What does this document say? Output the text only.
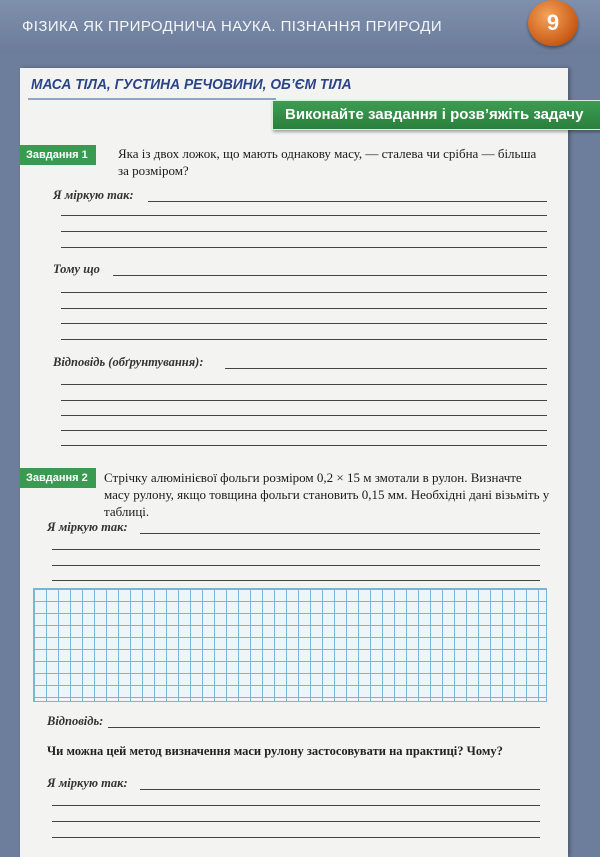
ФІЗИКА ЯК ПРИРОДНИЧА НАУКА. ПІЗНАННЯ ПРИРОДИ	9
МАСА ТІЛА, ГУСТИНА РЕЧОВИНИ, ОБ’ЄМ ТІЛА
Виконайте завдання і розв’яжіть задачу
Завдання 1	Яка із двох ложок, що мають однакову масу, — сталева чи срібна — більша за розміром?
Я міркую так:
Тому що
Відповідь (обґрунтування):
Завдання 2	Стрічку алюмінієвої фольги розміром 0,2 × 15 м змотали в рулон. Визначте масу рулону, якщо товщина фольги становить 0,15 мм. Необхідні дані візьміть у таблиці.
Я міркую так:
Відповідь:
Чи можна цей метод визначення маси рулону застосовувати на практиці? Чому?
Я міркую так:
